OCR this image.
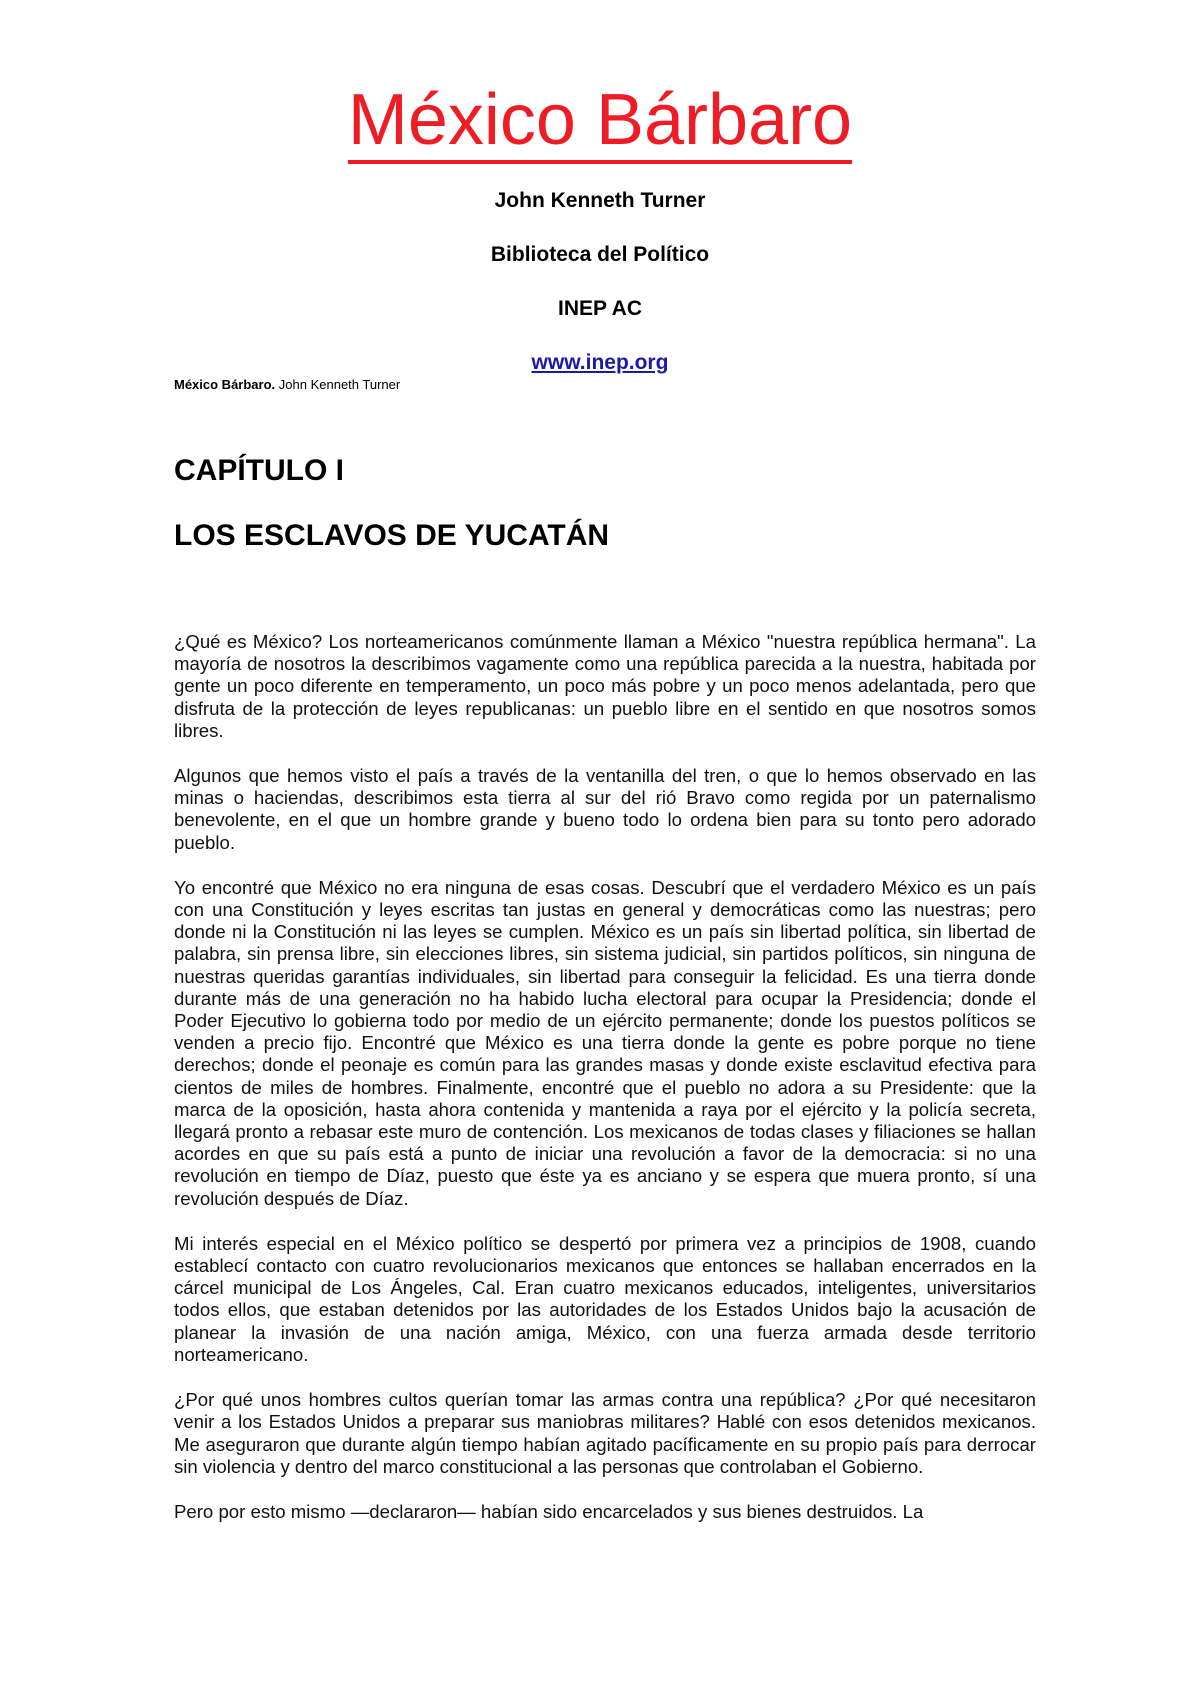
México Bárbaro
John Kenneth Turner
Biblioteca del Político
INEP AC
www.inep.org
México Bárbaro. John Kenneth Turner
CAPÍTULO I
LOS ESCLAVOS DE YUCATÁN

¿Qué es México? Los norteamericanos comúnmente llaman a México "nuestra república hermana". La mayoría de nosotros la describimos vagamente como una república parecida a la nuestra, habitada por gente un poco diferente en temperamento, un poco más pobre y un poco menos adelantada, pero que disfruta de la protección de leyes republicanas: un pueblo libre en el sentido en que nosotros somos libres.

Algunos que hemos visto el país a través de la ventanilla del tren, o que lo hemos observado en las minas o haciendas, describimos esta tierra al sur del rió Bravo como regida por un paternalismo benevolente, en el que un hombre grande y bueno todo lo ordena bien para su tonto pero adorado pueblo.

Yo encontré que México no era ninguna de esas cosas. Descubrí que el verdadero México es un país con una Constitución y leyes escritas tan justas en general y democráticas como las nuestras; pero donde ni la Constitución ni las leyes se cumplen. México es un país sin libertad política, sin libertad de palabra, sin prensa libre, sin elecciones libres, sin sistema judicial, sin partidos políticos, sin ninguna de nuestras queridas garantías individuales, sin libertad para conseguir la felicidad. Es una tierra donde durante más de una generación no ha habido lucha electoral para ocupar la Presidencia; donde el Poder Ejecutivo lo gobierna todo por medio de un ejército permanente; donde los puestos políticos se venden a precio fijo. Encontré que México es una tierra donde la gente es pobre porque no tiene derechos; donde el peonaje es común para las grandes masas y donde existe esclavitud efectiva para cientos de miles de hombres. Finalmente, encontré que el pueblo no adora a su Presidente: que la marca de la oposición, hasta ahora contenida y mantenida a raya por el ejército y la policía secreta, llegará pronto a rebasar este muro de contención. Los mexicanos de todas clases y filiaciones se hallan acordes en que su país está a punto de iniciar una revolución a favor de la democracia: si no una revolución en tiempo de Díaz, puesto que éste ya es anciano y se espera que muera pronto, sí una revolución después de Díaz.

Mi interés especial en el México político se despertó por primera vez a principios de 1908, cuando establecí contacto con cuatro revolucionarios mexicanos que entonces se hallaban encerrados en la cárcel municipal de Los Ángeles, Cal. Eran cuatro mexicanos educados, inteligentes, universitarios todos ellos, que estaban detenidos por las autoridades de los Estados Unidos bajo la acusación de planear la invasión de una nación amiga, México, con una fuerza armada desde territorio norteamericano.

¿Por qué unos hombres cultos querían tomar las armas contra una república? ¿Por qué necesitaron venir a los Estados Unidos a preparar sus maniobras militares? Hablé con esos detenidos mexicanos. Me aseguraron que durante algún tiempo habían agitado pacíficamente en su propio país para derrocar sin violencia y dentro del marco constitucional a las personas que controlaban el Gobierno.

Pero por esto mismo —declararon— habían sido encarcelados y sus bienes destruidos. La
